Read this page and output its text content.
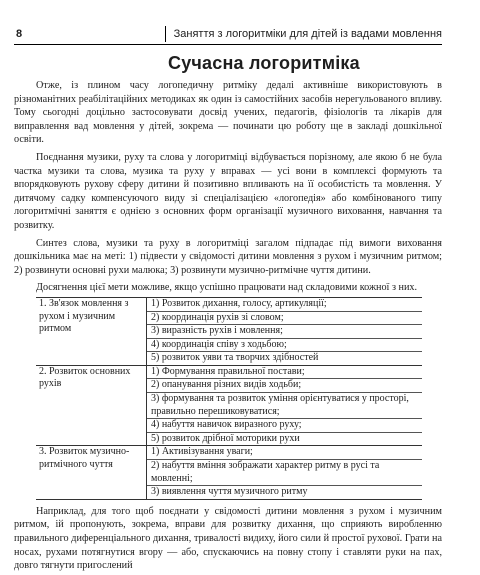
8	Заняття з логоритміки для дітей із вадами мовлення
Сучасна логоритміка

Отже, із плином часу логопедичну ритміку дедалі активніше використовують в різноманітних реабілітаційних методиках як один із самостійних засобів нерегульованого впливу. Тому сьогодні доцільно застосовувати досвід учених, педагогів, фізіологів та лікарів для виправлення вад мовлення у дітей, зокрема — починати цю роботу ще в закладі дошкільної освіти.

Поєднання музики, руху та слова у логоритміці відбувається порізному, але якою б не була частка музики та слова, музика та руху у вправах — усі вони в комплексі формують та впорядковують рухову сферу дитини й позитивно впливають на її особистість та мовлення. У дитячому садку компенсуючого виду зі спеціалізацією «логопедія» або комбінованого типу логоритмічні заняття є однією з основних форм організації музичного виховання, навчання та розвитку.

Синтез слова, музики та руху в логоритміці загалом підпадає під вимоги виховання дошкільника має на меті: 1) підвести у свідомості дитини мовлення з рухом і музичним ритмом; 2) розвинути основні рухи малюка; 3) розвинути музично-ритмічне чуття дитини.

Досягнення цієї мети можливе, якщо успішно працювати над складовими кожної з них.

1. Зв'язок мовлення з рухом і музичним ритмом	1) Розвиток дихання, голосу, артикуляції;
2) координація рухів зі словом;
3) виразність рухів і мовлення;
4) координація співу з ходьбою;
5) розвиток уяви та творчих здібностей

2. Розвиток основних рухів	1) Формування правильної постави;
2) опанування різних видів ходьби;
3) формування та розвиток уміння орієнтуватися у просторі, правильно перешиковуватися;
4) набуття навичок виразного руху;
5) розвиток дрібної моторики рухи

3. Розвиток музично-ритмічного чуття	1) Активізування уваги;
2) набуття вміння зображати характер ритму в русі та мовленні;
3) виявлення чуття музичного ритму

Наприклад, для того щоб поєднати у свідомості дитини мовлення з рухом і музичним ритмом, ій пропонують, зокрема, вправи для розвитку дихання, що сприяють виробленню правильного диференціального дихання, тривалості видиху, його сили й простої рухової. Грати на носах, рухами потягнутися вгору — або, спускаючись на повну стопу і ставляти руки на пах, довго тягнути пригослений
